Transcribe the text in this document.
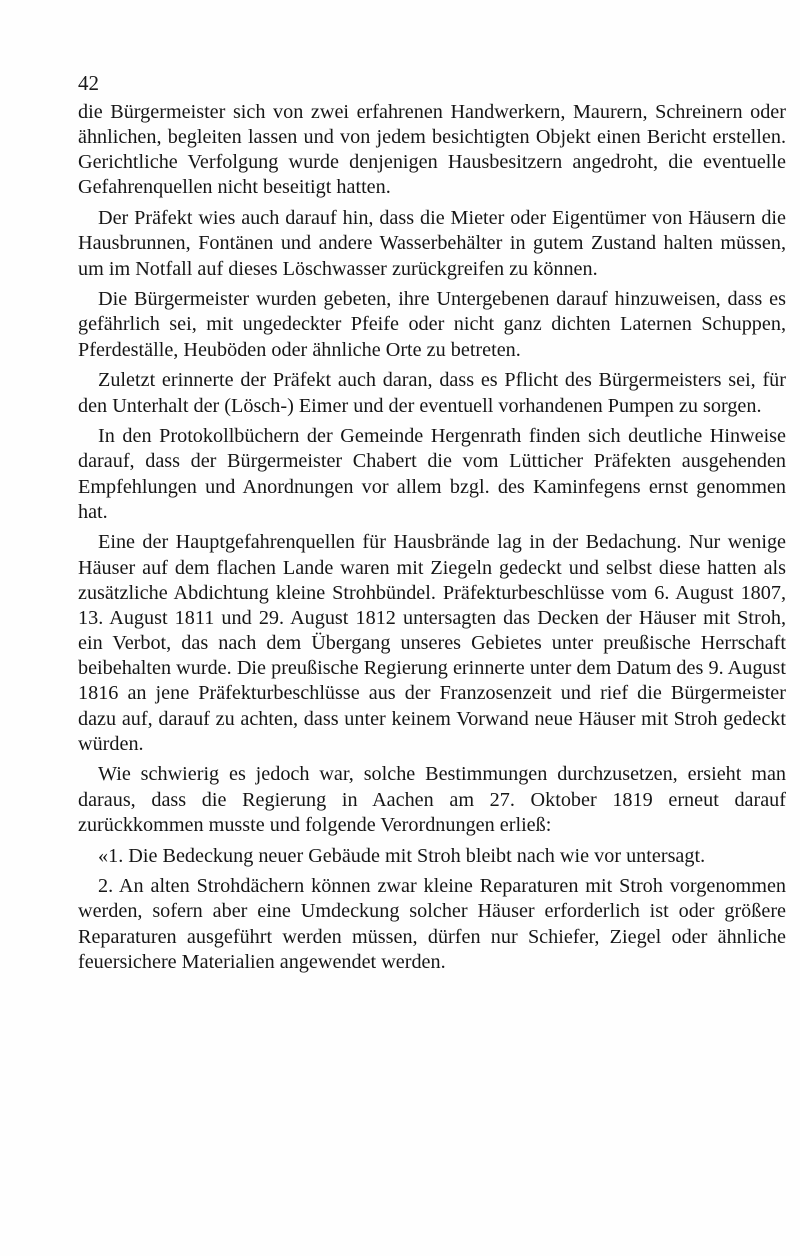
42

die Bürgermeister sich von zwei erfahrenen Handwerkern, Maurern, Schreinern oder ähnlichen, begleiten lassen und von jedem besichtigten Objekt einen Bericht erstellen. Gerichtliche Verfolgung wurde denjenigen Hausbesitzern angedroht, die eventuelle Gefahrenquellen nicht beseitigt hatten.

Der Präfekt wies auch darauf hin, dass die Mieter oder Eigentümer von Häusern die Hausbrunnen, Fontänen und andere Wasserbehälter in gutem Zustand halten müssen, um im Notfall auf dieses Löschwasser zurückgreifen zu können.

Die Bürgermeister wurden gebeten, ihre Untergebenen darauf hinzuweisen, dass es gefährlich sei, mit ungedeckter Pfeife oder nicht ganz dichten Laternen Schuppen, Pferdeställe, Heuböden oder ähnliche Orte zu betreten.

Zuletzt erinnerte der Präfekt auch daran, dass es Pflicht des Bürgermeisters sei, für den Unterhalt der (Lösch-) Eimer und der eventuell vorhandenen Pumpen zu sorgen.

In den Protokollbüchern der Gemeinde Hergenrath finden sich deutliche Hinweise darauf, dass der Bürgermeister Chabert die vom Lütticher Präfekten ausgehenden Empfehlungen und Anordnungen vor allem bzgl. des Kaminfegens ernst genommen hat.

Eine der Hauptgefahrenquellen für Hausbrände lag in der Bedachung. Nur wenige Häuser auf dem flachen Lande waren mit Ziegeln gedeckt und selbst diese hatten als zusätzliche Abdichtung kleine Strohbündel. Präfekturbeschlüsse vom 6. August 1807, 13. August 1811 und 29. August 1812 untersagten das Decken der Häuser mit Stroh, ein Verbot, das nach dem Übergang unseres Gebietes unter preußische Herrschaft beibehalten wurde. Die preußische Regierung erinnerte unter dem Datum des 9. August 1816 an jene Präfekturbeschlüsse aus der Franzosenzeit und rief die Bürgermeister dazu auf, darauf zu achten, dass unter keinem Vorwand neue Häuser mit Stroh gedeckt würden.

Wie schwierig es jedoch war, solche Bestimmungen durchzusetzen, ersieht man daraus, dass die Regierung in Aachen am 27. Oktober 1819 erneut darauf zurückkommen musste und folgende Verordnungen erließ:

«1. Die Bedeckung neuer Gebäude mit Stroh bleibt nach wie vor untersagt.

2. An alten Strohdächern können zwar kleine Reparaturen mit Stroh vorgenommen werden, sofern aber eine Umdeckung solcher Häuser erforderlich ist oder größere Reparaturen ausgeführt werden müssen, dürfen nur Schiefer, Ziegel oder ähnliche feuersichere Materialien angewendet werden.
